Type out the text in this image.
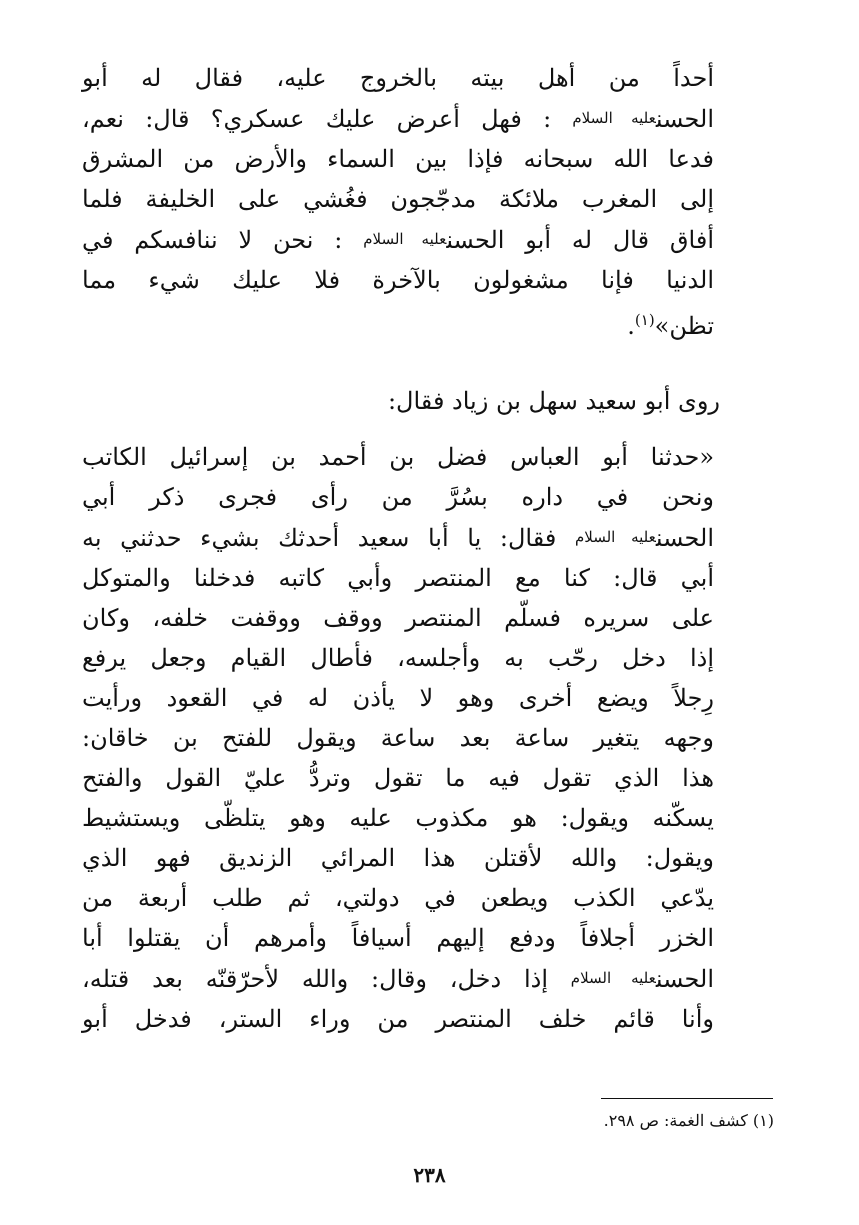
أحداً من أهل بيته بالخروج عليه، فقال له أبو
الحسنعليه السلام : فهل أعرض عليك عسكري؟ قال: نعم،
فدعا الله سبحانه فإذا بين السماء والأرض من المشرق
إلى المغرب ملائكة مدجّجون فغُشي على الخليفة فلما
أفاق قال له أبو الحسنعليه السلام : نحن لا ننافسكم في
الدنيا فإنا مشغولون بالآخرة فلا عليك شيء مما
تظن»$^{(١)}$.
روى أبو سعيد سهل بن زياد فقال:
«حدثنا أبو العباس فضل بن أحمد بن إسرائيل الكاتب
ونحن في داره بسُرَّ من رأى فجرى ذكر أبي
الحسنعليه السلام فقال: يا أبا سعيد أحدثك بشيء حدثني به
أبي قال: كنا مع المنتصر وأبي كاتبه فدخلنا والمتوكل
على سريره فسلّم المنتصر ووقف ووقفت خلفه، وكان
إذا دخل رحّب به وأجلسه، فأطال القيام وجعل يرفع
رِجلاً ويضع أخرى وهو لا يأذن له في القعود ورأيت
وجهه يتغير ساعة بعد ساعة ويقول للفتح بن خاقان:
هذا الذي تقول فيه ما تقول وتردُّ عليّ القول والفتح
يسكّنه ويقول: هو مكذوب عليه وهو يتلظّى ويستشيط
ويقول: والله لأقتلن هذا المرائي الزنديق فهو الذي
يدّعي الكذب ويطعن في دولتي، ثم طلب أربعة من
الخزر أجلافاً ودفع إليهم أسيافاً وأمرهم أن يقتلوا أبا
الحسنعليه السلام إذا دخل، وقال: والله لأحرّقنّه بعد قتله،
وأنا قائم خلف المنتصر من وراء الستر، فدخل أبو
(١) كشف الغمة: ص ٢٩٨.
٢٣٨
